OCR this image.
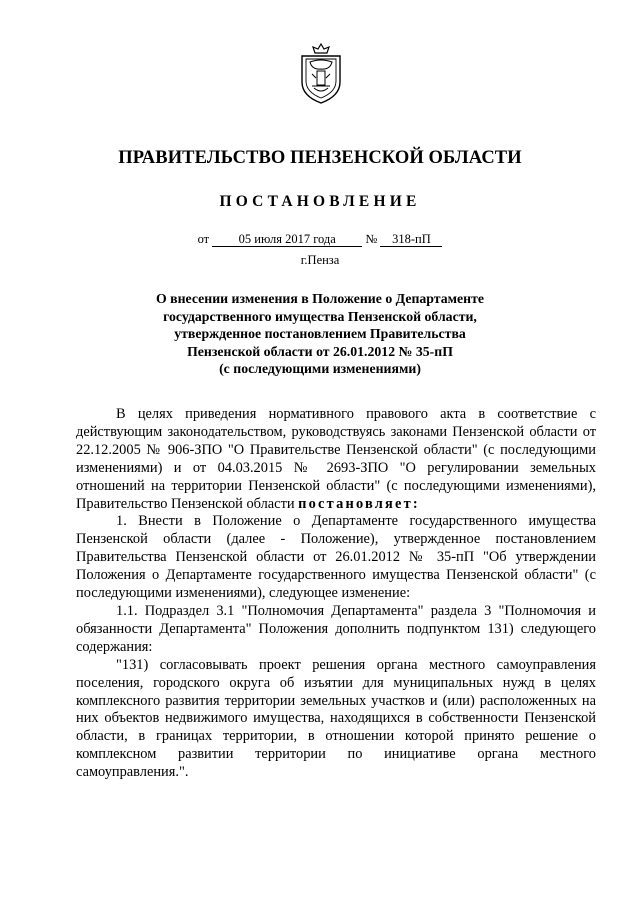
ПРАВИТЕЛЬСТВО ПЕНЗЕНСКОЙ ОБЛАСТИ
ПОСТАНОВЛЕНИЕ
от 05 июля 2017 года № 318-пП
г.Пенза
О внесении изменения в Положение о Департаменте
государственного имущества Пензенской области,
утвержденное постановлением Правительства
Пензенской области от 26.01.2012 № 35-пП
(с последующими изменениями)

В целях приведения нормативного правового акта в соответствие с действующим законодательством, руководствуясь законами Пензенской области от 22.12.2005 № 906-ЗПО "О Правительстве Пензенской области" (с последующими изменениями) и от 04.03.2015 № 2693-ЗПО "О регулировании земельных отношений на территории Пензенской области" (с последующими изменениями), Правительство Пензенской области постановляет:

1. Внести в Положение о Департаменте государственного имущества Пензенской области (далее - Положение), утвержденное постановлением Правительства Пензенской области от 26.01.2012 № 35-пП "Об утверждении Положения о Департаменте государственного имущества Пензенской области" (с последующими изменениями), следующее изменение:

1.1. Подраздел 3.1 "Полномочия Департамента" раздела 3 "Полномочия и обязанности Департамента" Положения дополнить подпунктом 131) следующего содержания:

"131) согласовывать проект решения органа местного самоуправления поселения, городского округа об изъятии для муниципальных нужд в целях комплексного развития территории земельных участков и (или) расположенных на них объектов недвижимого имущества, находящихся в собственности Пензенской области, в границах территории, в отношении которой принято решение о комплексном развитии территории по инициативе органа местного самоуправления.".
